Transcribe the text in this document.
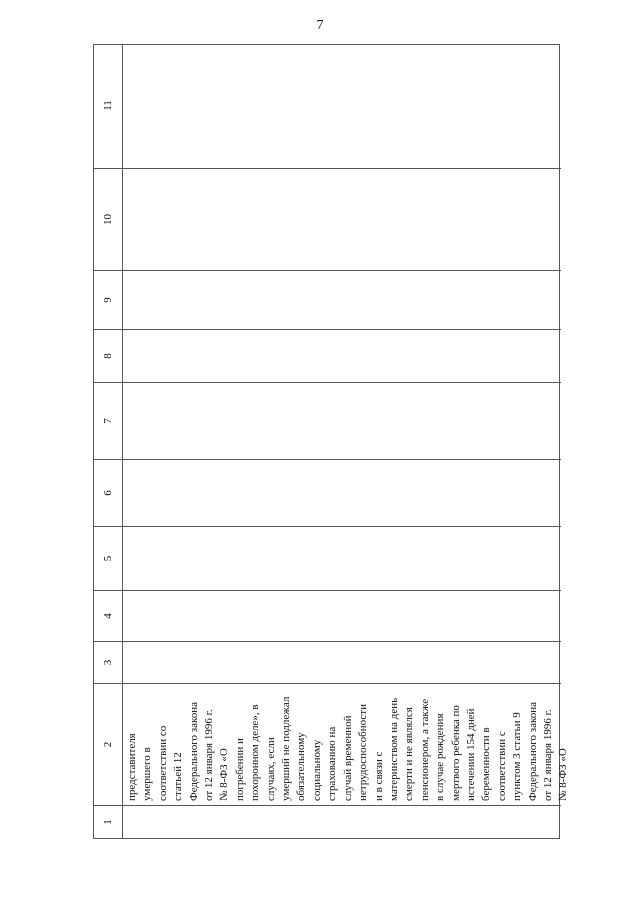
7
1
2
3
4
5
6
7
8
9
10
11
представителя
умершего в
соответствии со
статьей 12
Федерального закона
от 12 января 1996 г.
№ 8-ФЗ «О
погребении и
похоронном деле», в
случаях, если
умерший не подлежал
обязательному
социальному
страхованию на
случай временной
нетрудоспособности
и в связи с
материнством на день
смерти и не являлся
пенсионером, а также
в случае рождения
мертвого ребенка по
истечении 154 дней
беременности в
соответствии с
пунктом 3 статьи 9
Федерального закона
от 12 января 1996 г.
№ 8-ФЗ «О
